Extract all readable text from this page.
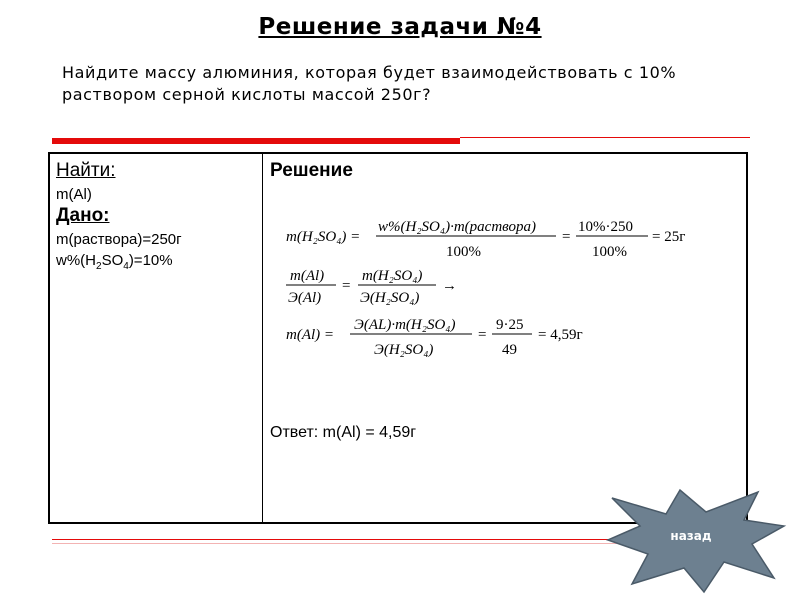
Решение задачи №4
Найдите массу алюминия, которая будет взаимодействовать с 10% раствором серной кислоты массой 250г?
Найти:
m(Al)
Дано:
m(раствора)=250г
$w\%(H_2SO_4)=10\%$
Решение
m(H₂SO₄) =
w%(H₂SO₄)·m(раствора)
100%
=
10%·250
100%
= 25г
m(Al)
Э(Al)
=
m(H₂SO₄)
Э(H₂SO₄)
→
m(Al) =
Э(AL)·m(H₂SO₄)
Э(H₂SO₄)
=
9·25
49
= 4,59г
Ответ: m(Al) = 4,59г
назад
